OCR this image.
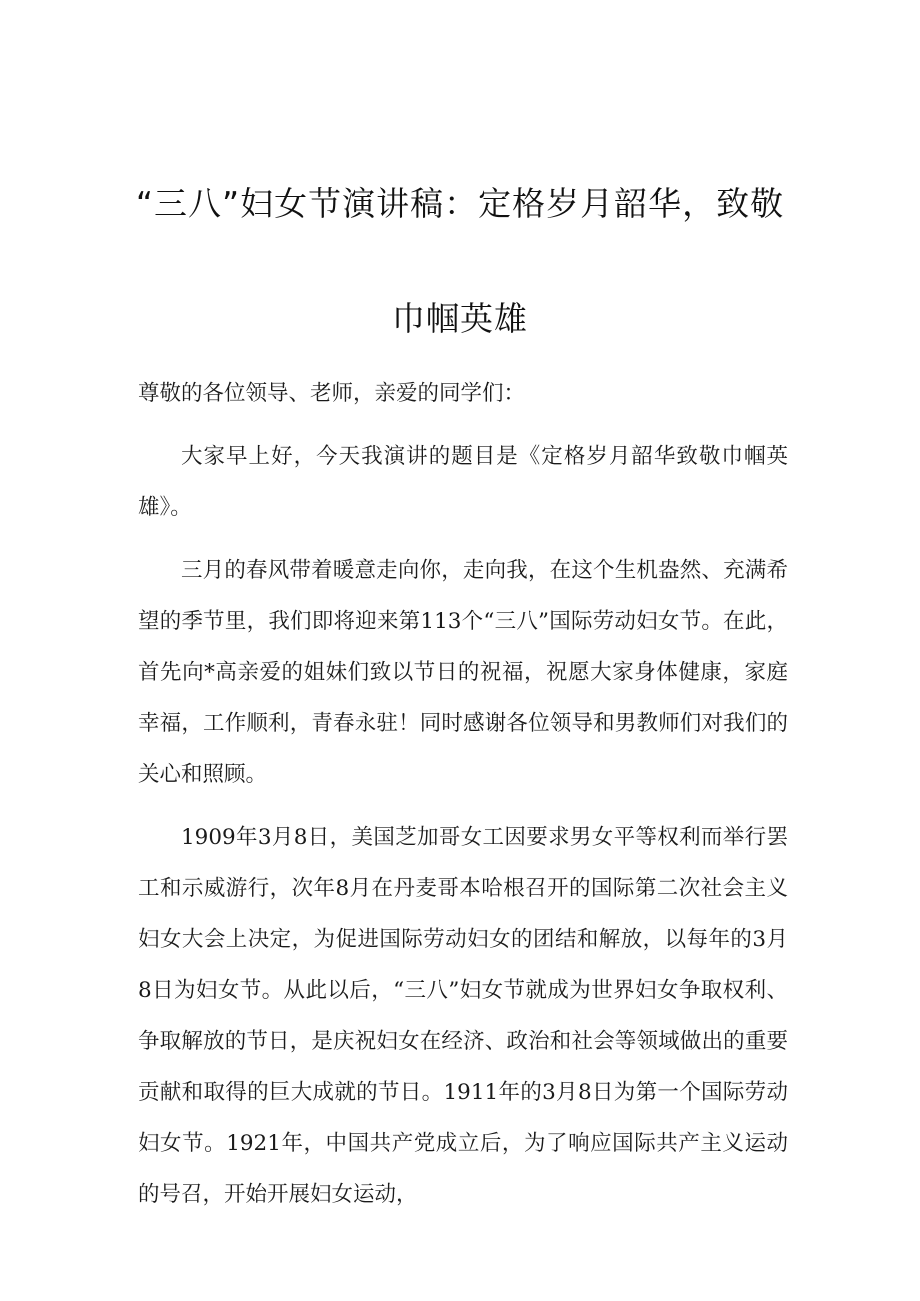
“三八”妇女节演讲稿：定格岁月韶华，致敬
巾帼英雄

尊敬的各位领导、老师，亲爱的同学们：

大家早上好，今天我演讲的题目是《定格岁月韶华致敬巾帼英雄》。

三月的春风带着暖意走向你，走向我，在这个生机盎然、充满希望的季节里，我们即将迎来第113个“三八”国际劳动妇女节。在此，首先向*高亲爱的姐妹们致以节日的祝福，祝愿大家身体健康，家庭幸福，工作顺利，青春永驻！同时感谢各位领导和男教师们对我们的关心和照顾。

1909年3月8日，美国芝加哥女工因要求男女平等权利而举行罢工和示威游行，次年8月在丹麦哥本哈根召开的国际第二次社会主义妇女大会上决定，为促进国际劳动妇女的团结和解放，以每年的3月8日为妇女节。从此以后，“三八”妇女节就成为世界妇女争取权利、争取解放的节日，是庆祝妇女在经济、政治和社会等领域做出的重要贡献和取得的巨大成就的节日。1911年的3月8日为第一个国际劳动妇女节。1921年，中国共产党成立后，为了响应国际共产主义运动的号召，开始开展妇女运动，
